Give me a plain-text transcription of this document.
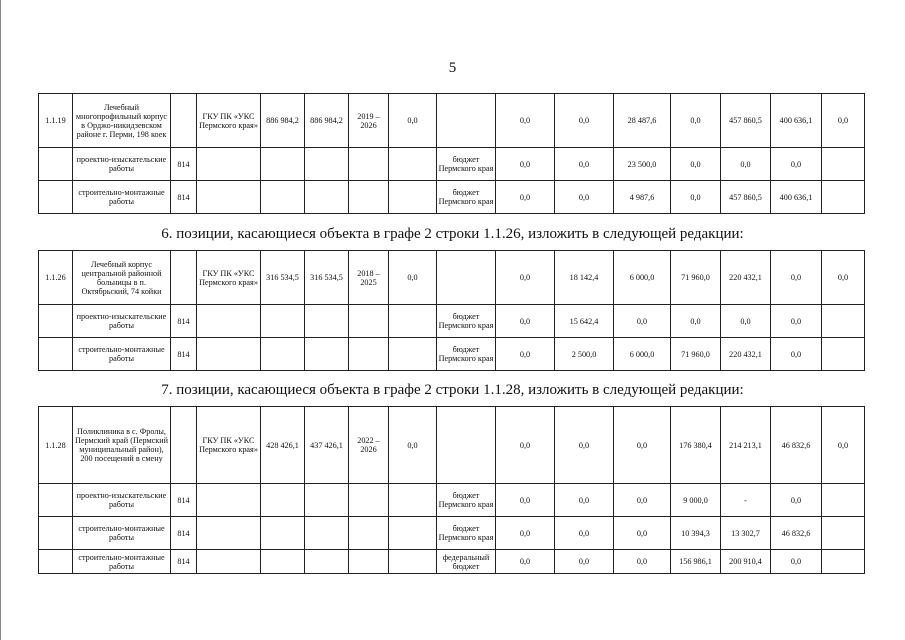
5
1.1.19	Лечебный многопрофильный корпус в Орджо-никидзевском районе г. Перми, 198 коек		ГКУ ПК «УКС Пермского края»	886 984,2	886 984,2	2019 – 2026	0,0		0,0	0,0	28 487,6	0,0	457 860,5	400 636,1	0,0
	проектно-изыскательские работы	814						бюджет Пермского края	0,0	0,0	23 500,0	0,0	0,0	0,0	
	строительно-монтажные работы	814						бюджет Пермского края	0,0	0,0	4 987,6	0,0	457 860,5	400 636,1	
6. позиции, касающиеся объекта в графе 2 строки 1.1.26, изложить в следующей редакции:
1.1.26	Лечебный корпус центральной районной больницы в п. Октябрьский, 74 койки		ГКУ ПК «УКС Пермского края»	316 534,5	316 534,5	2018 – 2025	0,0		0,0	18 142,4	6 000,0	71 960,0	220 432,1	0,0	0,0
	проектно-изыскательские работы	814						бюджет Пермского края	0,0	15 642,4	0,0	0,0	0,0	0,0	
	строительно-монтажные работы	814						бюджет Пермского края	0,0	2 500,0	6 000,0	71 960,0	220 432,1	0,0	
7. позиции, касающиеся объекта в графе 2 строки 1.1.28, изложить в следующей редакции:
1.1.28	Поликлиника в с. Фролы, Пермский край (Пермский муниципальный район), 200 посещений в смену		ГКУ ПК «УКС Пермского края»	428 426,1	437 426,1	2022 – 2026	0,0		0,0	0,0	0,0	176 380,4	214 213,1	46 832,6	0,0
	проектно-изыскательские работы	814						бюджет Пермского края	0,0	0,0	0,0	9 000,0	-	0,0	
	строительно-монтажные работы	814						бюджет Пермского края	0,0	0,0	0,0	10 394,3	13 302,7	46 832,6	
	строительно-монтажные работы	814						федеральный бюджет	0,0	0,0	0,0	156 986,1	200 910,4	0,0	
